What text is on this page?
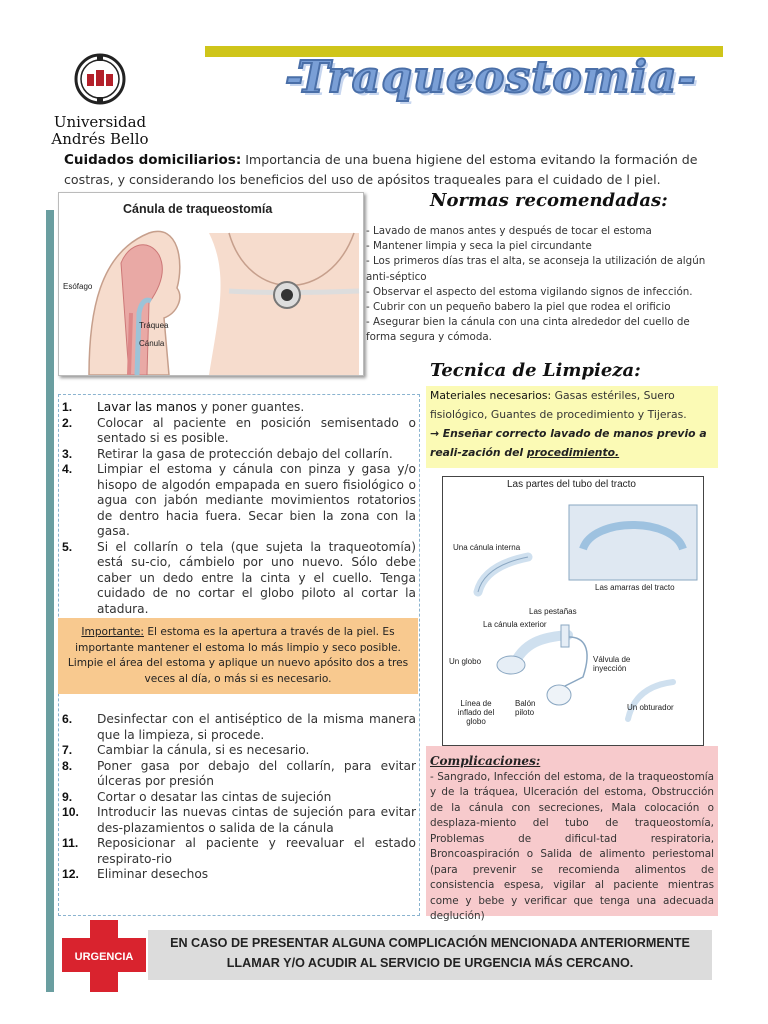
Universidad Andrés Bello
-Traqueostomia-
Cuidados domiciliarios: Importancia de una buena higiene del estoma evitando la formación de costras, y considerando los beneficios del uso de apósitos traqueales para el cuidado de l piel.
Cánula de traqueostomía
Esófago
Tráquea
Cánula
Normas recomendadas:
- Lavado de manos antes y después de tocar el estoma
- Mantener limpia y seca la piel circundante
- Los primeros días tras el alta, se aconseja la utilización de algún anti-séptico
- Observar el aspecto del estoma vigilando signos de infección.
- Cubrir con un pequeño babero la piel que rodea el orificio
- Asegurar bien la cánula con una cinta alrededor del cuello de forma segura y cómoda.
Tecnica de Limpieza:
Materiales necesarios: Gasas estériles, Suero fisiológico, Guantes de procedimiento y Tijeras.
→ Enseñar correcto lavado de manos previo a reali-zación del procedimiento.
Las partes del tubo del tracto
Una cánula interna
Las amarras del tracto
Las pestañas
La cánula exterior
Un globo	Válvula de inyección
Línea de inflado del globo
Balón piloto
Un obturador
1.	Lavar las manos y poner guantes.
2.	Colocar al paciente en posición semisentado o sentado si es posible.
3.	Retirar la gasa de protección debajo del collarín.
4.	Limpiar el estoma y cánula con pinza y gasa y/o hisopo de algodón empapada en suero fisiológico o agua con jabón mediante movimientos rotatorios de dentro hacia fuera. Secar bien la zona con la gasa.
5.	Si el collarín o tela (que sujeta la traqueotomía) está su-cio, cámbielo por uno nuevo. Sólo debe caber un dedo entre la cinta y el cuello. Tenga cuidado de no cortar el globo piloto al cortar la atadura.
Importante: El estoma es la apertura a través de la piel. Es importante mantener el estoma lo más limpio y seco posible. Limpie el área del estoma y aplique un nuevo apósito dos a tres veces al día, o más si es necesario.
6.	Desinfectar con el antiséptico de la misma manera que la limpieza, si procede.
7.	Cambiar la cánula, si es necesario.
8.	Poner gasa por debajo del collarín, para evitar úlceras por presión
9.	Cortar o desatar las cintas de sujeción
10.	Introducir las nuevas cintas de sujeción para evitar des-plazamientos o salida de la cánula
11.	Reposicionar al paciente y reevaluar el estado respirato-rio
12.	Eliminar desechos
Complicaciones:
- Sangrado, Infección del estoma, de la traqueostomía y de la tráquea, Ulceración del estoma, Obstrucción de la cánula con secreciones, Mala colocación o desplaza-miento del tubo de traqueostomía, Problemas de dificul-tad respiratoria, Broncoaspiración o Salida de alimento periestomal (para prevenir se recomienda alimentos de consistencia espesa, vigilar al paciente mientras come y bebe y verificar que tenga una adecuada deglución)
URGENCIA
EN CASO DE PRESENTAR ALGUNA COMPLICACIÓN MENCIONADA ANTERIORMENTE LLAMAR Y/O ACUDIR AL SERVICIO DE URGENCIA MÁS CERCANO.
